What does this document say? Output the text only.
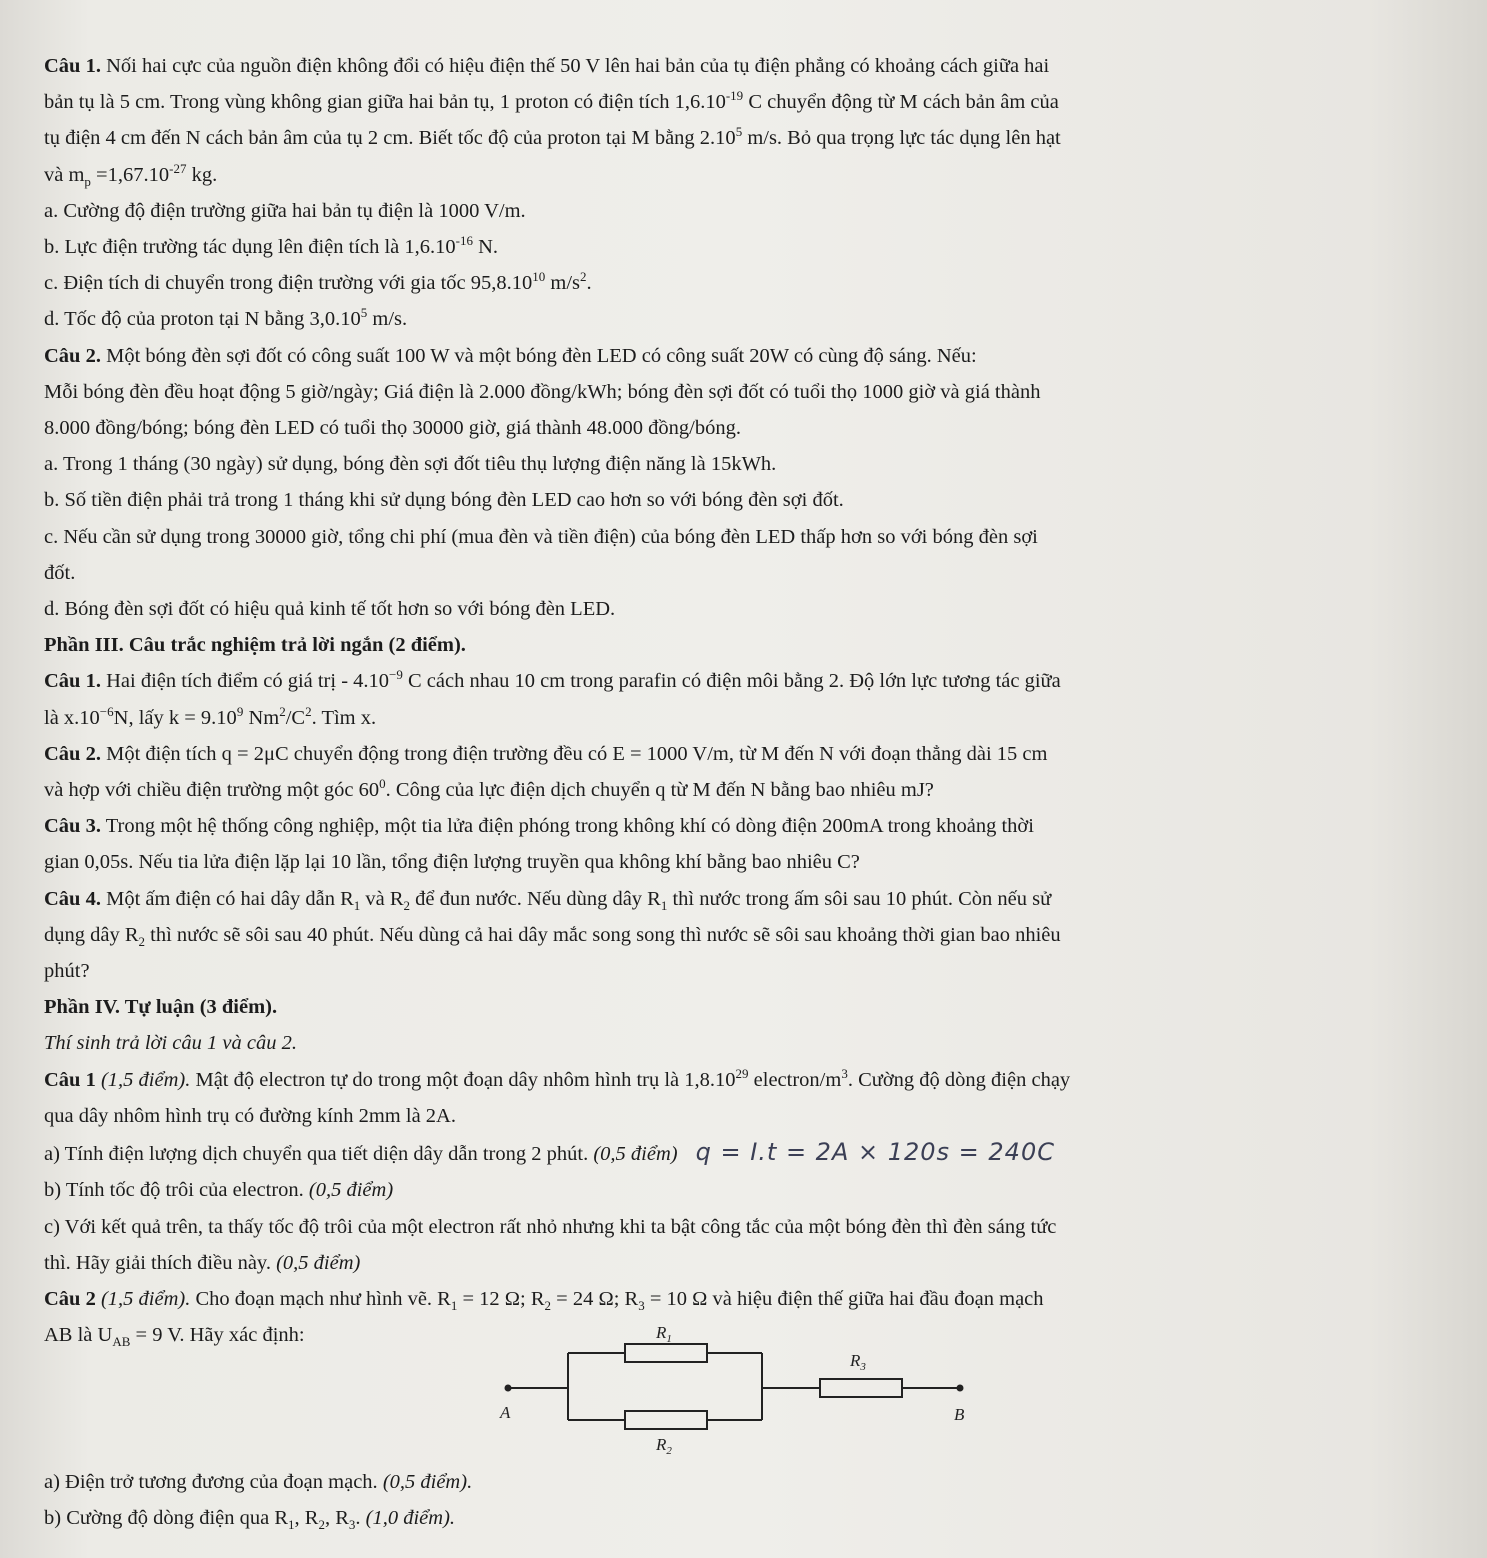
Câu 1. Nối hai cực của nguồn điện không đổi có hiệu điện thế 50 V lên hai bản của tụ điện phẳng có khoảng cách giữa hai
bản tụ là 5 cm. Trong vùng không gian giữa hai bản tụ, 1 proton có điện tích $1,6.10^{-19}$ C chuyển động từ M cách bản âm của
tụ điện 4 cm đến N cách bản âm của tụ 2 cm. Biết tốc độ của proton tại M bằng 2.10$^5$ m/s. Bỏ qua trọng lực tác dụng lên hạt
và $m_p =1,67.10^{-27}$ kg.
a. Cường độ điện trường giữa hai bản tụ điện là 1000 V/m.
b. Lực điện trường tác dụng lên điện tích là $1,6.10^{-16}$ N.
c. Điện tích di chuyển trong điện trường với gia tốc 95,8.10$^{10}$ $m/s^2$.
d. Tốc độ của proton tại N bằng 3,0.10$^5$ m/s.
Câu 2. Một bóng đèn sợi đốt có công suất 100 W và một bóng đèn LED có công suất 20W có cùng độ sáng. Nếu:
Mỗi bóng đèn đều hoạt động 5 giờ/ngày; Giá điện là 2.000 đồng/kWh; bóng đèn sợi đốt có tuổi thọ 1000 giờ và giá thành
8.000 đồng/bóng; bóng đèn LED có tuổi thọ 30000 giờ, giá thành 48.000 đồng/bóng.
a. Trong 1 tháng (30 ngày) sử dụng, bóng đèn sợi đốt tiêu thụ lượng điện năng là 15kWh.
b. Số tiền điện phải trả trong 1 tháng khi sử dụng bóng đèn LED cao hơn so với bóng đèn sợi đốt.
c. Nếu cần sử dụng trong 30000 giờ, tổng chi phí (mua đèn và tiền điện) của bóng đèn LED thấp hơn so với bóng đèn sợi
đốt.
d. Bóng đèn sợi đốt có hiệu quả kinh tế tốt hơn so với bóng đèn LED.
Phần III. Câu trắc nghiệm trả lời ngắn (2 điểm).
Câu 1. Hai điện tích điểm có giá trị - $4.10^{-9}$ C cách nhau 10 cm trong parafin có điện môi bằng 2. Độ lớn lực tương tác giữa
là $x.10^{-6}N$, lấy $k = 9.10^9$ $Nm^2/C^2$. Tìm x.
Câu 2. Một điện tích q = 2μC chuyển động trong điện trường đều có E = 1000 V/m, từ M đến N với đoạn thẳng dài 15 cm
và hợp với chiều điện trường một góc $60^0$. Công của lực điện dịch chuyển q từ M đến N bằng bao nhiêu mJ?
Câu 3. Trong một hệ thống công nghiệp, một tia lửa điện phóng trong không khí có dòng điện 200mA trong khoảng thời
gian 0,05s. Nếu tia lửa điện lặp lại 10 lần, tổng điện lượng truyền qua không khí bằng bao nhiêu C?
Câu 4. Một ấm điện có hai dây dẫn $R_1$ và $R_2$ để đun nước. Nếu dùng dây $R_1$ thì nước trong ấm sôi sau 10 phút. Còn nếu sử
dụng dây $R_2$ thì nước sẽ sôi sau 40 phút. Nếu dùng cả hai dây mắc song song thì nước sẽ sôi sau khoảng thời gian bao nhiêu
phút?
Phần IV. Tự luận (3 điểm).
Thí sinh trả lời câu 1 và câu 2.
Câu 1 (1,5 điểm). Mật độ electron tự do trong một đoạn dây nhôm hình trụ là 1,8.10$^{29}$ electron/$m^3$. Cường độ dòng điện chạy
qua dây nhôm hình trụ có đường kính 2mm là 2A.
a) Tính điện lượng dịch chuyển qua tiết diện dây dẫn trong 2 phút. (0,5 điểm) q = I.t = 2A × 120s = 240C
b) Tính tốc độ trôi của electron. (0,5 điểm)
c) Với kết quả trên, ta thấy tốc độ trôi của một electron rất nhỏ nhưng khi ta bật công tắc của một bóng đèn thì đèn sáng tức
thì. Hãy giải thích điều này. (0,5 điểm)
Câu 2 (1,5 điểm). Cho đoạn mạch như hình vẽ. $R_1 = 12$ Ω; $R_2 = 24$ Ω; $R_3 = 10$ Ω và hiệu điện thế giữa hai đầu đoạn mạch
AB là $U_{AB} = 9$ V. Hãy xác định:	$R_1$
$R_3$
$R_2$
A	B
a) Điện trở tương đương của đoạn mạch. (0,5 điểm).
b) Cường độ dòng điện qua $R_1$, $R_2$, $R_3$. (1,0 điểm).
